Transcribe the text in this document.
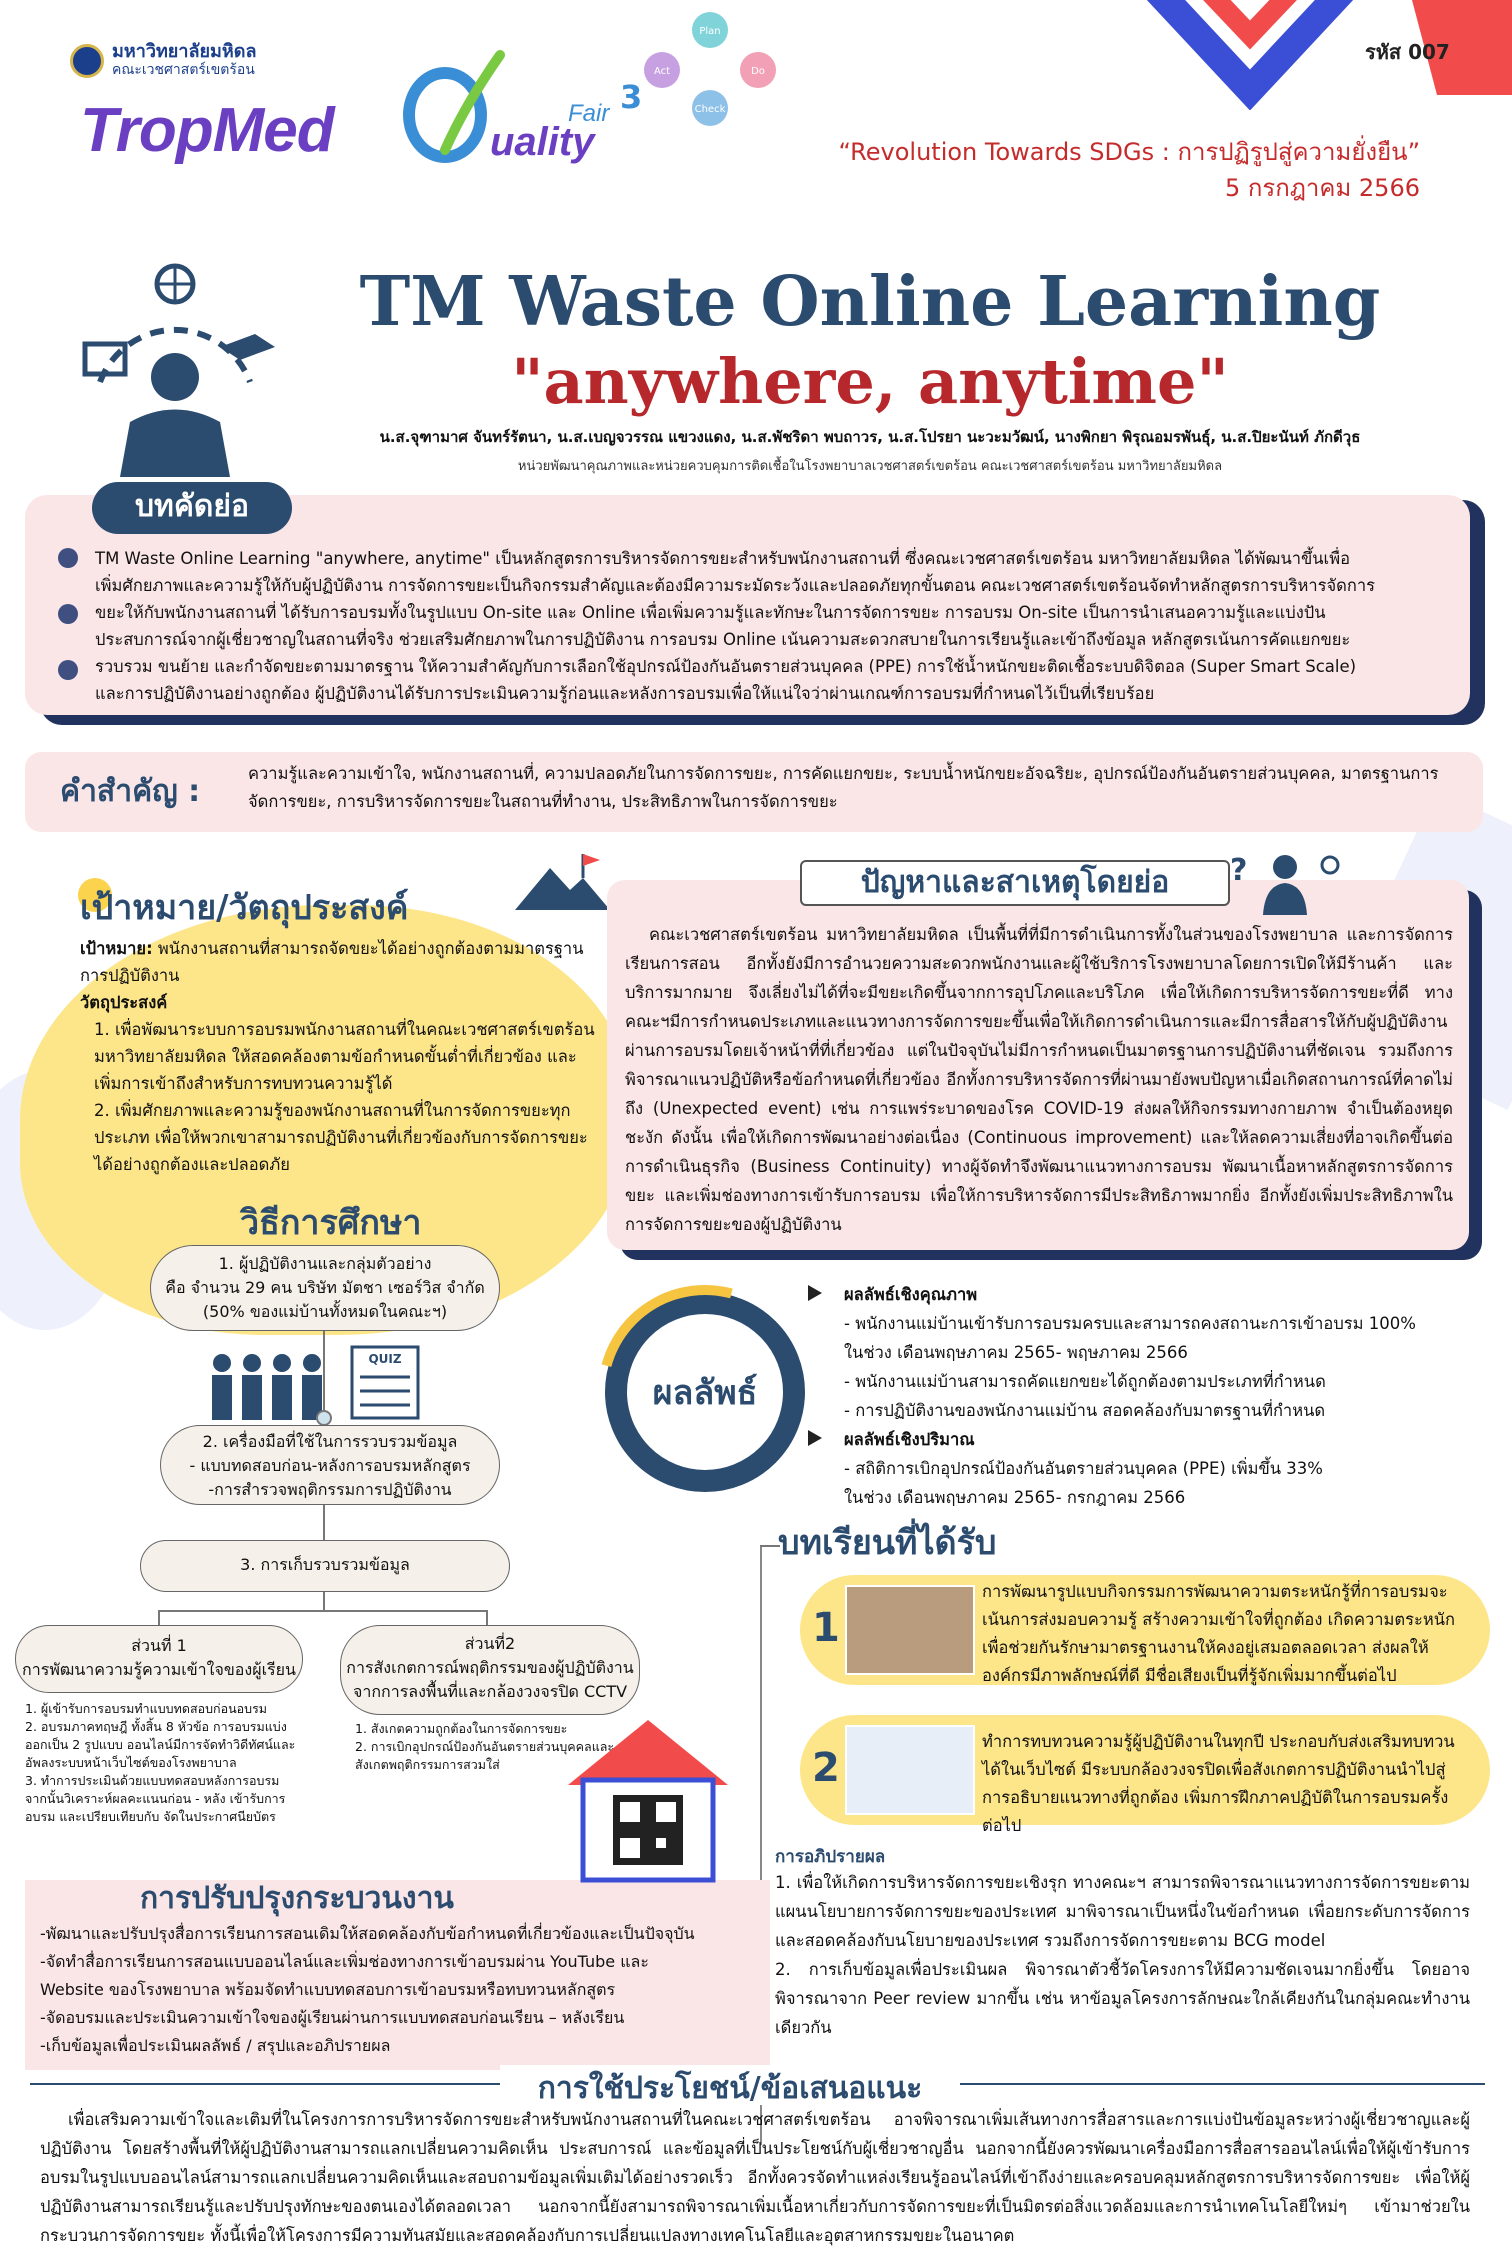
มหาวิทยาลัยมหิดล
คณะเวชศาสตร์เขตร้อน
TropMed	uality
Fair 3
Plan
Do
Check
Act
รหัส 007
“Revolution Towards SDGs : การปฏิรูปสู่ความยั่งยืน”
5 กรกฎาคม 2566
TM Waste Online Learning
"anywhere, anytime"
น.ส.จุฑามาศ จันทร์รัตนา, น.ส.เบญจวรรณ แขวงแดง, น.ส.พัชริดา พบถาวร, น.ส.โปรยา นะวะมวัฒน์, นางพิกยา พิรุณอมรพันธุ์, น.ส.ปิยะนันท์ ภักดีวุธ
หน่วยพัฒนาคุณภาพและหน่วยควบคุมการติดเชื้อในโรงพยาบาลเวชศาสตร์เขตร้อน คณะเวชศาสตร์เขตร้อน มหาวิทยาลัยมหิดล
บทคัดย่อ
TM Waste Online Learning "anywhere, anytime" เป็นหลักสูตรการบริหารจัดการขยะสำหรับพนักงานสถานที่ ซึ่งคณะเวชศาสตร์เขตร้อน มหาวิทยาลัยมหิดล ได้พัฒนาขึ้นเพื่อ
เพิ่มศักยภาพและความรู้ให้กับผู้ปฏิบัติงาน การจัดการขยะเป็นกิจกรรมสำคัญและต้องมีความระมัดระวังและปลอดภัยทุกขั้นตอน คณะเวชศาสตร์เขตร้อนจัดทำหลักสูตรการบริหารจัดการ
ขยะให้กับพนักงานสถานที่ ได้รับการอบรมทั้งในรูปแบบ On-site และ Online เพื่อเพิ่มความรู้และทักษะในการจัดการขยะ การอบรม On-site เป็นการนำเสนอความรู้และแบ่งปัน
ประสบการณ์จากผู้เชี่ยวชาญในสถานที่จริง ช่วยเสริมศักยภาพในการปฏิบัติงาน การอบรม Online เน้นความสะดวกสบายในการเรียนรู้และเข้าถึงข้อมูล หลักสูตรเน้นการคัดแยกขยะ
รวบรวม ขนย้าย และกำจัดขยะตามมาตรฐาน ให้ความสำคัญกับการเลือกใช้อุปกรณ์ป้องกันอันตรายส่วนบุคคล (PPE) การใช้น้ำหนักขยะติดเชื้อระบบดิจิตอล (Super Smart Scale)
และการปฏิบัติงานอย่างถูกต้อง ผู้ปฏิบัติงานได้รับการประเมินความรู้ก่อนและหลังการอบรมเพื่อให้แน่ใจว่าผ่านเกณฑ์การอบรมที่กำหนดไว้เป็นที่เรียบร้อย
คำสำคัญ :
ความรู้และความเข้าใจ, พนักงานสถานที่, ความปลอดภัยในการจัดการขยะ, การคัดแยกขยะ, ระบบน้ำหนักขยะอัจฉริยะ, อุปกรณ์ป้องกันอันตรายส่วนบุคคล, มาตรฐานการจัดการขยะ, การบริหารจัดการขยะในสถานที่ทำงาน, ประสิทธิภาพในการจัดการขยะ
เป้าหมาย/วัตถุประสงค์
เป้าหมาย: พนักงานสถานที่สามารถจัดขยะได้อย่างถูกต้องตามมาตรฐานการปฏิบัติงาน
วัตถุประสงค์
1. เพื่อพัฒนาระบบการอบรมพนักงานสถานที่ในคณะเวชศาสตร์เขตร้อน มหาวิทยาลัยมหิดล ให้สอดคล้องตามข้อกำหนดขั้นต่ำที่เกี่ยวข้อง และเพิ่มการเข้าถึงสำหรับการทบทวนความรู้ได้
2. เพิ่มศักยภาพและความรู้ของพนักงานสถานที่ในการจัดการขยะทุกประเภท เพื่อให้พวกเขาสามารถปฏิบัติงานที่เกี่ยวข้องกับการจัดการขยะได้อย่างถูกต้องและปลอดภัย
ปัญหาและสาเหตุโดยย่อ	?
คณะเวชศาสตร์เขตร้อน มหาวิทยาลัยมหิดล เป็นพื้นที่ที่มีการดำเนินการทั้งในส่วนของโรงพยาบาล และการจัดการเรียนการสอน อีกทั้งยังมีการอำนวยความสะดวกพนักงานและผู้ใช้บริการโรงพยาบาลโดยการเปิดให้มีร้านค้า และบริการมากมาย จึงเลี่ยงไม่ได้ที่จะมีขยะเกิดขึ้นจากการอุปโภคและบริโภค เพื่อให้เกิดการบริหารจัดการขยะที่ดี ทางคณะฯมีการกำหนดประเภทและแนวทางการจัดการขยะขึ้นเพื่อให้เกิดการดำเนินการและมีการสื่อสารให้กับผู้ปฏิบัติงานผ่านการอบรมโดยเจ้าหน้าที่ที่เกี่ยวข้อง แต่ในปัจจุบันไม่มีการกำหนดเป็นมาตรฐานการปฏิบัติงานที่ชัดเจน รวมถึงการพิจารณาแนวปฏิบัติหรือข้อกำหนดที่เกี่ยวข้อง อีกทั้งการบริหารจัดการที่ผ่านมายังพบปัญหาเมื่อเกิดสถานการณ์ที่คาดไม่ถึง (Unexpected event) เช่น การแพร่ระบาดของโรค COVID-19 ส่งผลให้กิจกรรมทางกายภาพ จำเป็นต้องหยุดชะงัก ดังนั้น เพื่อให้เกิดการพัฒนาอย่างต่อเนื่อง (Continuous improvement) และให้ลดความเสี่ยงที่อาจเกิดขึ้นต่อการดำเนินธุรกิจ (Business Continuity) ทางผู้จัดทำจึงพัฒนาแนวทางการอบรม พัฒนาเนื้อหาหลักสูตรการจัดการขยะ และเพิ่มช่องทางการเข้ารับการอบรม เพื่อให้การบริหารจัดการมีประสิทธิภาพมากยิ่ง อีกทั้งยังเพิ่มประสิทธิภาพในการจัดการขยะของผู้ปฏิบัติงาน
วิธีการศึกษา
1. ผู้ปฏิบัติงานและกลุ่มตัวอย่าง
คือ จำนวน 29 คน บริษัท มัตชา เซอร์วิส จำกัด
(50% ของแม่บ้านทั้งหมดในคณะฯ)
QUIZ
2. เครื่องมือที่ใช้ในการรวบรวมข้อมูล
- แบบทดสอบก่อน-หลังการอบรมหลักสูตร
-การสำรวจพฤติกรรมการปฏิบัติงาน
3. การเก็บรวบรวมข้อมูล
ส่วนที่ 1
การพัฒนาความรู้ความเข้าใจของผู้เรียน
ส่วนที่2
การสังเกตการณ์พฤติกรรมของผู้ปฏิบัติงาน
จากการลงพื้นที่และกล้องวงจรปิด CCTV
1. ผู้เข้ารับการอบรมทำแบบทดสอบก่อนอบรม
2. อบรมภาคทฤษฎี ทั้งสิ้น 8 หัวข้อ การอบรมแบ่ง
ออกเป็น 2 รูปแบบ ออนไลน์มีการจัดทำวิดีทัศน์และ
อัพลงระบบหน้าเว็บไซต์ของโรงพยาบาล
3. ทำการประเมินด้วยแบบทดสอบหลังการอบรม
จากนั้นวิเคราะห์ผลคะแนนก่อน - หลัง เข้ารับการ
อบรม และเปรียบเทียบกับ จัดในประกาศนียบัตร
1. สังเกตความถูกต้องในการจัดการขยะ
2. การเบิกอุปกรณ์ป้องกันอันตรายส่วนบุคคลและ
สังเกตพฤติกรรมการสวมใส่
ผลลัพธ์
ผลลัพธ์เชิงคุณภาพ
- พนักงานแม่บ้านเข้ารับการอบรมครบและสามารถคงสถานะการเข้าอบรม 100%
ในช่วง เดือนพฤษภาคม 2565- พฤษภาคม 2566
- พนักงานแม่บ้านสามารถคัดแยกขยะได้ถูกต้องตามประเภทที่กำหนด
- การปฏิบัติงานของพนักงานแม่บ้าน สอดคล้องกับมาตรฐานที่กำหนด
ผลลัพธ์เชิงปริมาณ
- สถิติการเบิกอุปกรณ์ป้องกันอันตรายส่วนบุคคล (PPE) เพิ่มขึ้น 33%
ในช่วง เดือนพฤษภาคม 2565- กรกฎาคม 2566
บทเรียนที่ได้รับ
1
การพัฒนารูปแบบกิจกรรมการพัฒนาความตระหนักรู้ที่การอบรมจะเน้นการส่งมอบความรู้ สร้างความเข้าใจที่ถูกต้อง เกิดความตระหนักเพื่อช่วยกันรักษามาตรฐานงานให้คงอยู่เสมอตลอดเวลา ส่งผลให้องค์กรมีภาพลักษณ์ที่ดี มีชื่อเสียงเป็นที่รู้จักเพิ่มมากขึ้นต่อไป
2
ทำการทบทวนความรู้ผู้ปฏิบัติงานในทุกปี ประกอบกับส่งเสริมทบทวนได้ในเว็บไซต์ มีระบบกล้องวงจรปิดเพื่อสังเกตการปฏิบัติงานนำไปสู่การอธิบายแนวทางที่ถูกต้อง เพิ่มการฝึกภาคปฏิบัติในการอบรมครั้งต่อไป
การอภิปรายผล
1. เพื่อให้เกิดการบริหารจัดการขยะเชิงรุก ทางคณะฯ สามารถพิจารณาแนวทางการจัดการขยะตามแผนนโยบายการจัดการขยะของประเทศ มาพิจารณาเป็นหนึ่งในข้อกำหนด เพื่อยกระดับการจัดการและสอดคล้องกับนโยบายของประเทศ รวมถึงการจัดการขยะตาม BCG model
2. การเก็บข้อมูลเพื่อประเมินผล พิจารณาตัวชี้วัดโครงการให้มีความชัดเจนมากยิ่งขึ้น โดยอาจพิจารณาจาก Peer review มากขึ้น เช่น หาข้อมูลโครงการลักษณะใกล้เคียงกันในกลุ่มคณะทำงานเดียวกัน
การปรับปรุงกระบวนงาน
-พัฒนาและปรับปรุงสื่อการเรียนการสอนเดิมให้สอดคล้องกับข้อกำหนดที่เกี่ยวข้องและเป็นปัจจุบัน
-จัดทำสื่อการเรียนการสอนแบบออนไลน์และเพิ่มช่องทางการเข้าอบรมผ่าน YouTube และ
Website ของโรงพยาบาล พร้อมจัดทำแบบทดสอบการเข้าอบรมหรือทบทวนหลักสูตร
-จัดอบรมและประเมินความเข้าใจของผู้เรียนผ่านการแบบทดสอบก่อนเรียน – หลังเรียน
-เก็บข้อมูลเพื่อประเมินผลลัพธ์ / สรุปและอภิปรายผล
การใช้ประโยชน์/ข้อเสนอแนะ
เพื่อเสริมความเข้าใจและเติมที่ในโครงการการบริหารจัดการขยะสำหรับพนักงานสถานที่ในคณะเวชศาสตร์เขตร้อน อาจพิจารณาเพิ่มเส้นทางการสื่อสารและการแบ่งปันข้อมูลระหว่างผู้เชี่ยวชาญและผู้ปฏิบัติงาน โดยสร้างพื้นที่ให้ผู้ปฏิบัติงานสามารถแลกเปลี่ยนความคิดเห็น ประสบการณ์ และข้อมูลที่เป็นประโยชน์กับผู้เชี่ยวชาญอื่น นอกจากนี้ยังควรพัฒนาเครื่องมือการสื่อสารออนไลน์เพื่อให้ผู้เข้ารับการอบรมในรูปแบบออนไลน์สามารถแลกเปลี่ยนความคิดเห็นและสอบถามข้อมูลเพิ่มเติมได้อย่างรวดเร็ว อีกทั้งควรจัดทำแหล่งเรียนรู้ออนไลน์ที่เข้าถึงง่ายและครอบคลุมหลักสูตรการบริหารจัดการขยะ เพื่อให้ผู้ปฏิบัติงานสามารถเรียนรู้และปรับปรุงทักษะของตนเองได้ตลอดเวลา นอกจากนี้ยังสามารถพิจารณาเพิ่มเนื้อหาเกี่ยวกับการจัดการขยะที่เป็นมิตรต่อสิ่งแวดล้อมและการนำเทคโนโลยีใหม่ๆ เข้ามาช่วยในกระบวนการจัดการขยะ ทั้งนี้เพื่อให้โครงการมีความทันสมัยและสอดคล้องกับการเปลี่ยนแปลงทางเทคโนโลยีและอุตสาหกรรมขยะในอนาคต
